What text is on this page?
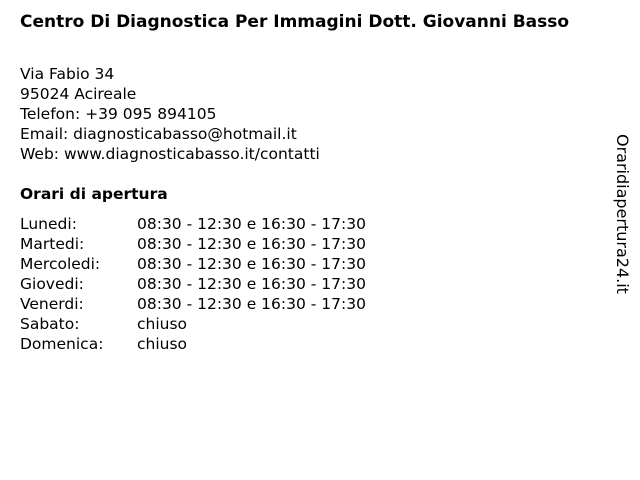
Centro Di Diagnostica Per Immagini Dott. Giovanni Basso
Via Fabio 34
95024 Acireale
Telefon: +39 095 894105
Email: diagnosticabasso@hotmail.it
Web: www.diagnosticabasso.it/contatti
Orari di apertura
Lunedi:	08:30 - 12:30 e 16:30 - 17:30
Martedi:	08:30 - 12:30 e 16:30 - 17:30
Mercoledi:	08:30 - 12:30 e 16:30 - 17:30
Giovedi:	08:30 - 12:30 e 16:30 - 17:30
Venerdi:	08:30 - 12:30 e 16:30 - 17:30
Sabato:	chiuso
Domenica:	chiuso
Oraridiapertura24.it
